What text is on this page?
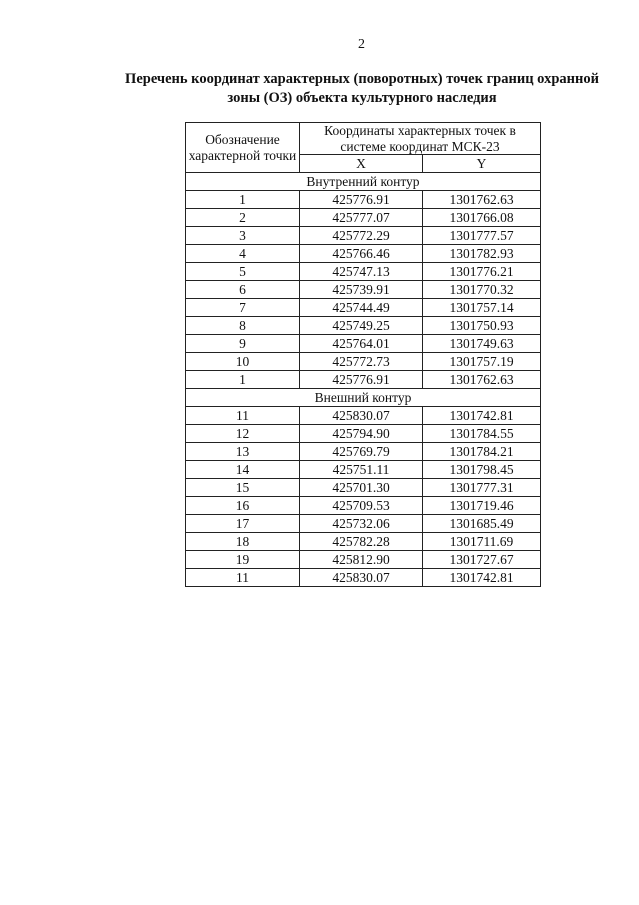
2
Перечень координат характерных (поворотных) точек границ охранной
зоны (ОЗ) объекта культурного наследия
Обозначение характерной точки	Координаты характерных точек в системе координат МСК-23	
	X	Y
Внутренний контур		
1	425776.91	1301762.63
2	425777.07	1301766.08
3	425772.29	1301777.57
4	425766.46	1301782.93
5	425747.13	1301776.21
6	425739.91	1301770.32
7	425744.49	1301757.14
8	425749.25	1301750.93
9	425764.01	1301749.63
10	425772.73	1301757.19
1	425776.91	1301762.63
Внешний контур		
11	425830.07	1301742.81
12	425794.90	1301784.55
13	425769.79	1301784.21
14	425751.11	1301798.45
15	425701.30	1301777.31
16	425709.53	1301719.46
17	425732.06	1301685.49
18	425782.28	1301711.69
19	425812.90	1301727.67
11	425830.07	1301742.81
